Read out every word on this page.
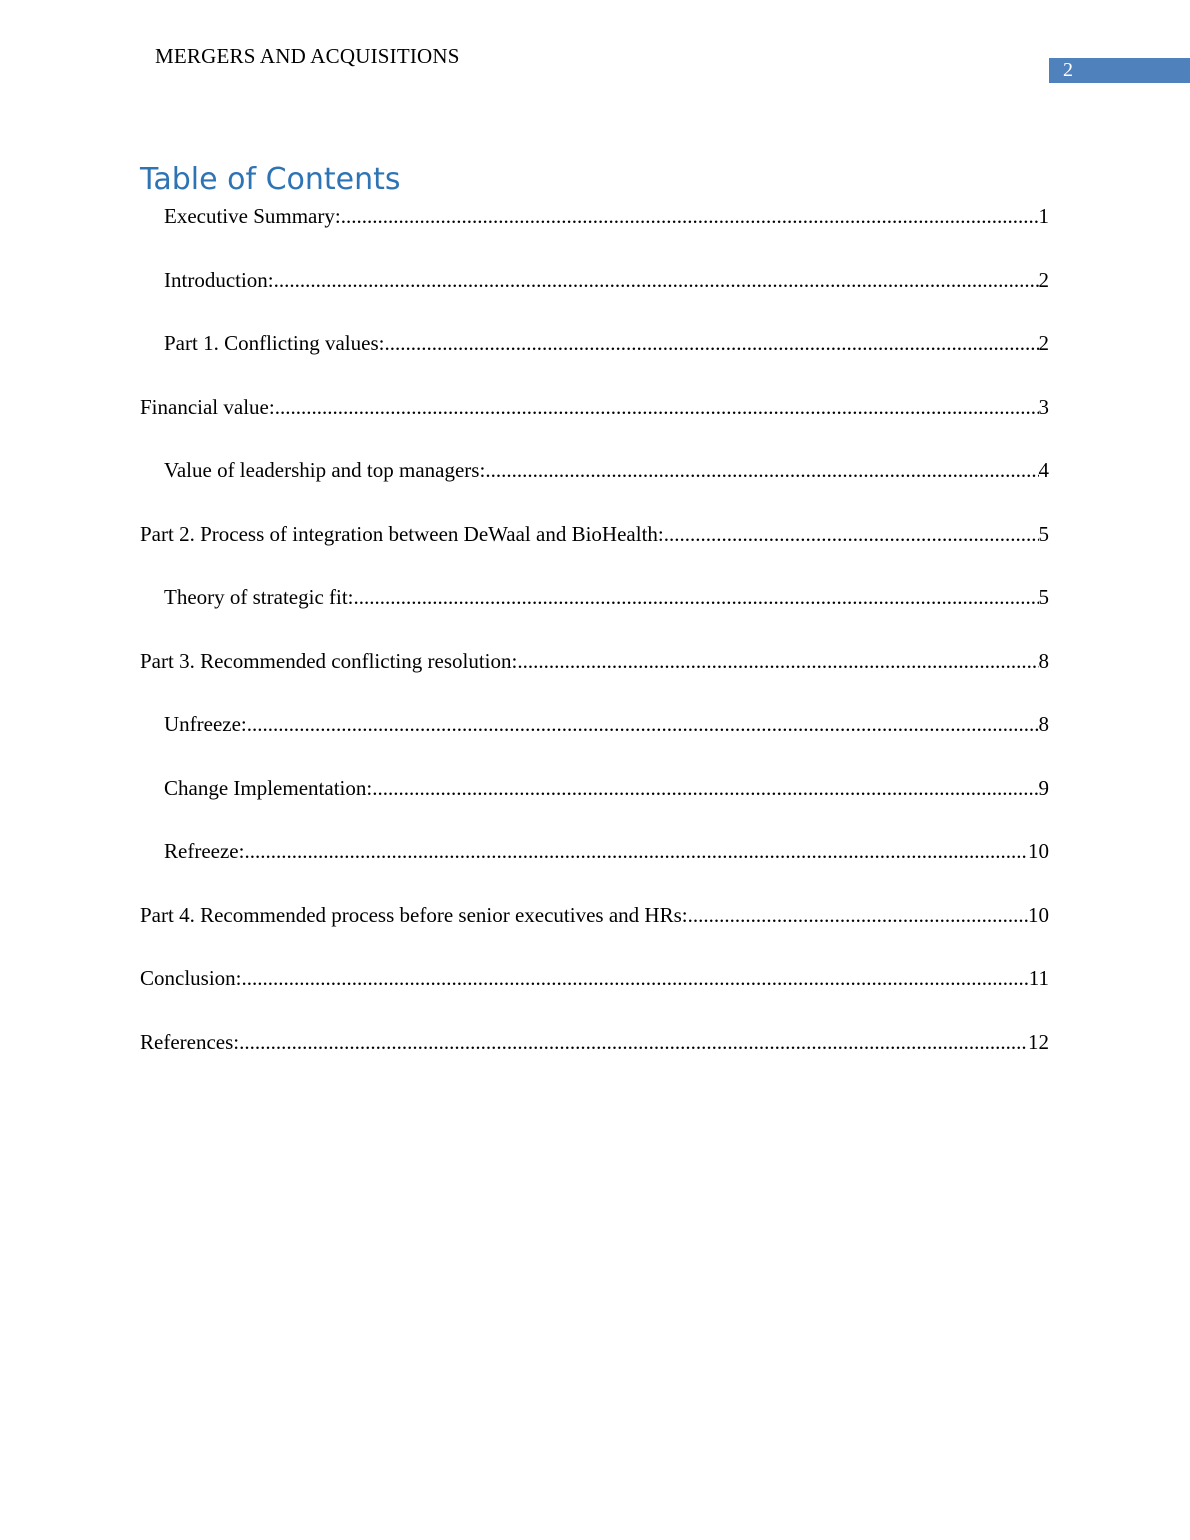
MERGERS AND ACQUISITIONS
2
Table of Contents
Executive Summary: .....	1
Introduction: .....	2
Part 1. Conflicting values: .....	2
Financial value: .....	3
Value of leadership and top managers: .....	4
Part 2. Process of integration between DeWaal and BioHealth: .....	5
Theory of strategic fit: .....	5
Part 3. Recommended conflicting resolution: .....	8
Unfreeze: .....	8
Change Implementation: .....	9
Refreeze: .....	10
Part 4. Recommended process before senior executives and HRs: .....	10
Conclusion: .....	11
References: .....	12
